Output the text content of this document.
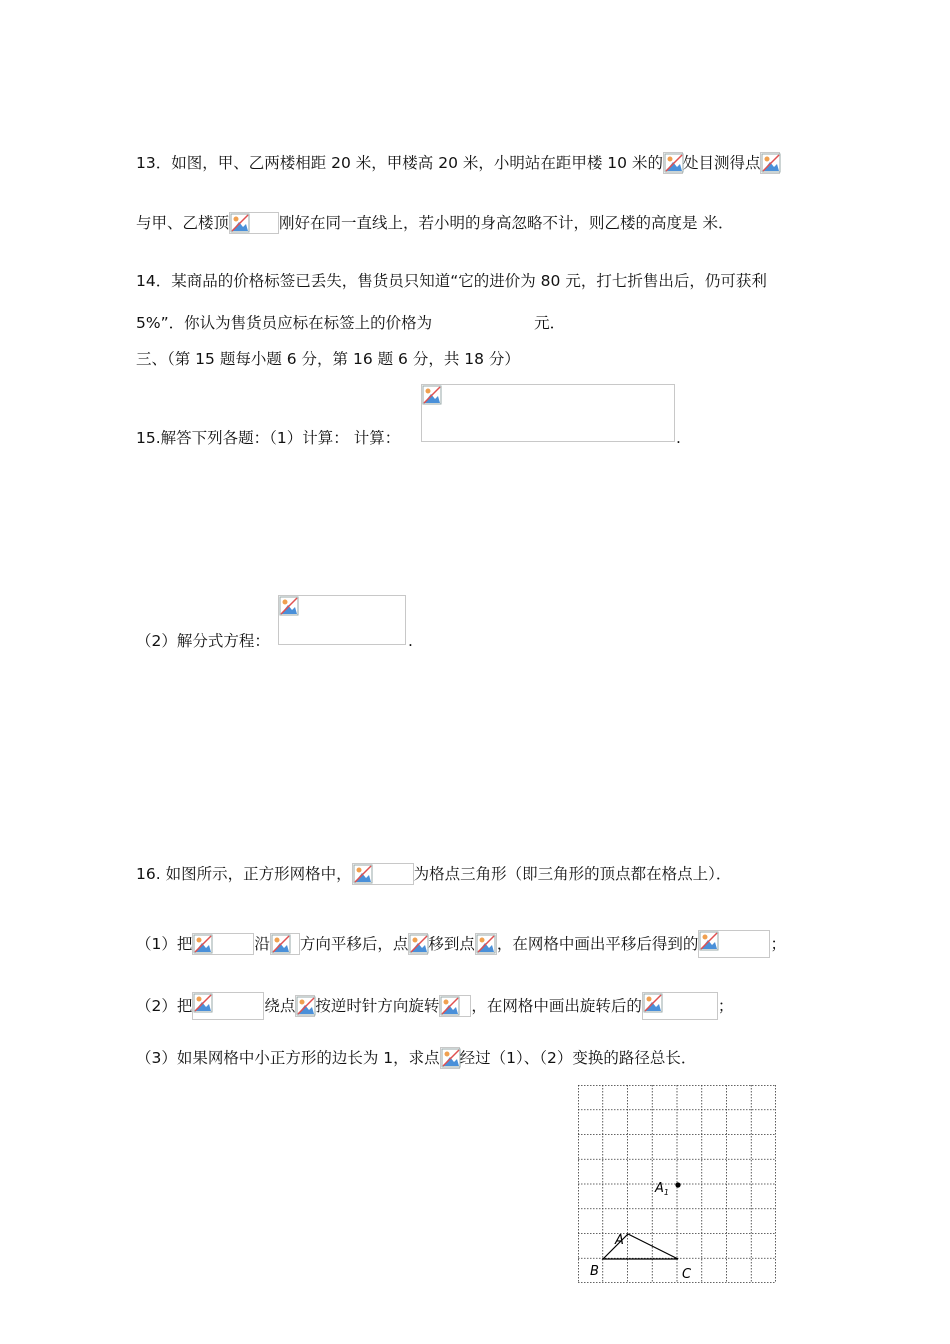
13．如图，甲、乙两楼相距 20 米，甲楼高 20 米，小明站在距甲楼 10 米的 处目测得点
与甲、乙楼顶	刚好在同一直线上，若小明的身高忽略不计，则乙楼的高度是 米．
14．某商品的价格标签已丢失，售货员只知道“它的进价为 80 元，打七折售出后，仍可获利
5%”．你认为售货员应标在标签上的价格为	元．
三、（第 15 题每小题 6 分，第 16 题 6 分，共 18 分）
15.解答下列各题：（1）计算： 计算：	.
（2）解分式方程：	.
16. 如图所示，正方形网格中，	为格点三角形（即三角形的顶点都在格点上）．
（1）把	沿 方向平移后，点 移到点 ，在网格中画出平移后得到的	；
（2）把	绕点 按逆时针方向旋转 ，在网格中画出旋转后的	；
（3）如果网格中小正方形的边长为 1，求点 经过（1）、（2）变换的路径总长．
$A_1$
A
B	C
